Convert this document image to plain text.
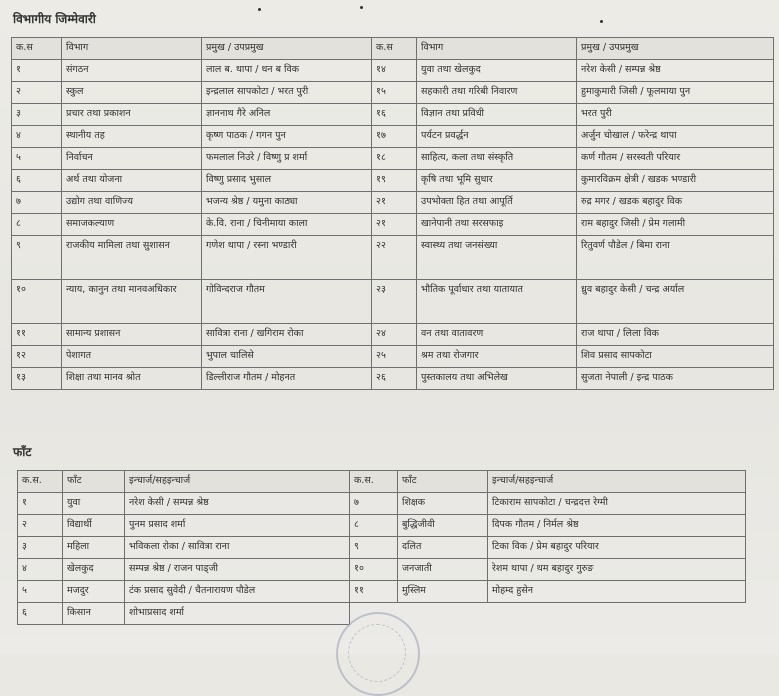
विभागीय जिम्मेवारी
क.स	विभाग	प्रमुख / उपप्रमुख	क.स	विभाग	प्रमुख / उपप्रमुख
१	संगठन	लाल ब. थापा / धन ब विक	१४	युवा तथा खेलकुद	नरेश केसी / सम्पन्न श्रेष्ठ
२	स्कुल	इन्द्रलाल सापकोटा / भरत पुरी	१५	सहकारी तथा गरिबी निवारण	हुमाकुमारी जिसी / फूलमाया पुन
३	प्रचार तथा प्रकाशन	ज्ञाननाथ गैरे अनिल	१६	विज्ञान तथा प्रविधी	भरत पुरी
४	स्थानीय तह	कृष्ण पाठक / गगन पुन	१७	पर्यटन प्रवर्द्धन	अर्जुन चोखाल / फरेन्द्र थापा
५	निर्वाचन	फमलाल निउरे / विष्णु प्र शर्मा	१८	साहित्य, कला तथा संस्कृति	कर्ण गौतम / सरस्वती परियार
६	अर्थ तथा योजना	विष्णु प्रसाद भुसाल	१९	कृषि तथा भूमि सुधार	कुमारविक्रम क्षेत्री / खडक भण्डारी
७	उद्योग तथा वाणिज्य	भजन्य श्रेष्ठ / यमुना काठ्या	२१	उपभोक्ता हित तथा आपूर्ति	रुद्र मगर / खडक बहादुर विक
८	समाजकल्याण	के.वि. राना / चिनीमाया काला	२१	खानेपानी तथा सरसफाइ	राम बहादुर जिसी / प्रेम गलामी
९	राजकीय मामिला तथा सुशासन	गणेश थापा / रस्ना भण्डारी	२२	स्वास्थ्य तथा जनसंख्या	रितुवर्ण पौडेल / बिमा राना
१०	न्याय, कानुन तथा मानवअधिकार	गोविन्दराज गौतम	२३	भौतिक पूर्वाधार तथा यातायात	ध्रुव बहादुर केसी / चन्द्र अर्याल
११	सामान्य प्रशासन	सावित्रा राना / खगिराम रोका	२४	वन तथा वातावरण	राज थापा / लिला विक
१२	पेशागत	भुपाल चालिसे	२५	श्रम तथा रोजगार	शिव प्रसाद सापकोटा
१३	शिक्षा तथा मानव श्रोत	डिल्लीराज गौतम / मोहनत	२६	पुस्तकालय तथा अभिलेख	सुजता नेपाली / इन्द्र पाठक
फाँट
क.स.	फाँट	इन्चार्ज/सहइन्चार्ज	क.स.	फाँट	इन्चार्ज/सहइन्चार्ज
१	युवा	नरेश केसी / सम्पन्न श्रेष्ठ	७	शिक्षक	टिकाराम सापकोटा / चन्द्रदत्त रेग्मी
२	विद्यार्थी	पुनम प्रसाद शर्मा	८	बुद्धिजीवी	दिपक गौतम / निर्मल श्रेष्ठ
३	महिला	भविकला रोका / सावित्रा राना	९	दलित	टिका विक / प्रेम बहादुर परियार
४	खेलकुद	सम्पन्न श्रेष्ठ / राजन पाड्जी	१०	जनजाती	रेशम थापा / थम बहादुर गुरुङ
५	मजदुर	टंक प्रसाद सुवेदी / चैतनारायण पौडेल	११	मुस्लिम	मोहम्द हुसेन
६	किसान	शोभाप्रसाद शर्मा			
